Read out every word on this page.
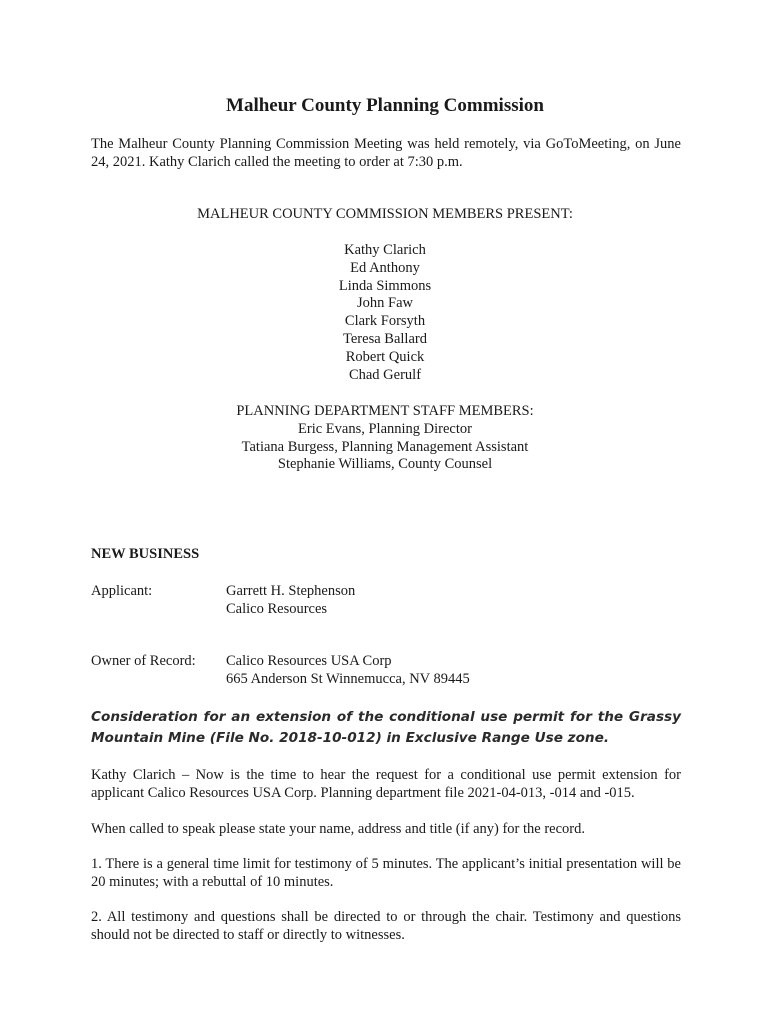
Malheur County Planning Commission
The Malheur County Planning Commission Meeting was held remotely, via GoToMeeting, on June 24, 2021. Kathy Clarich called the meeting to order at 7:30 p.m.
MALHEUR COUNTY COMMISSION MEMBERS PRESENT:
Kathy Clarich
Ed Anthony
Linda Simmons
John Faw
Clark Forsyth
Teresa Ballard
Robert Quick
Chad Gerulf
PLANNING DEPARTMENT STAFF MEMBERS:
Eric Evans, Planning Director
Tatiana Burgess, Planning Management Assistant
Stephanie Williams, County Counsel
NEW BUSINESS
Applicant:	Garrett H. Stephenson
Calico Resources
Owner of Record: Calico Resources USA Corp
665 Anderson St Winnemucca, NV 89445
Consideration for an extension of the conditional use permit for the Grassy Mountain Mine (File No. 2018-10-012) in Exclusive Range Use zone.
Kathy Clarich – Now is the time to hear the request for a conditional use permit extension for applicant Calico Resources USA Corp. Planning department file 2021-04-013, -014 and -015.
When called to speak please state your name, address and title (if any) for the record.
1. There is a general time limit for testimony of 5 minutes. The applicant’s initial presentation will be 20 minutes; with a rebuttal of 10 minutes.
2. All testimony and questions shall be directed to or through the chair. Testimony and questions should not be directed to staff or directly to witnesses.
